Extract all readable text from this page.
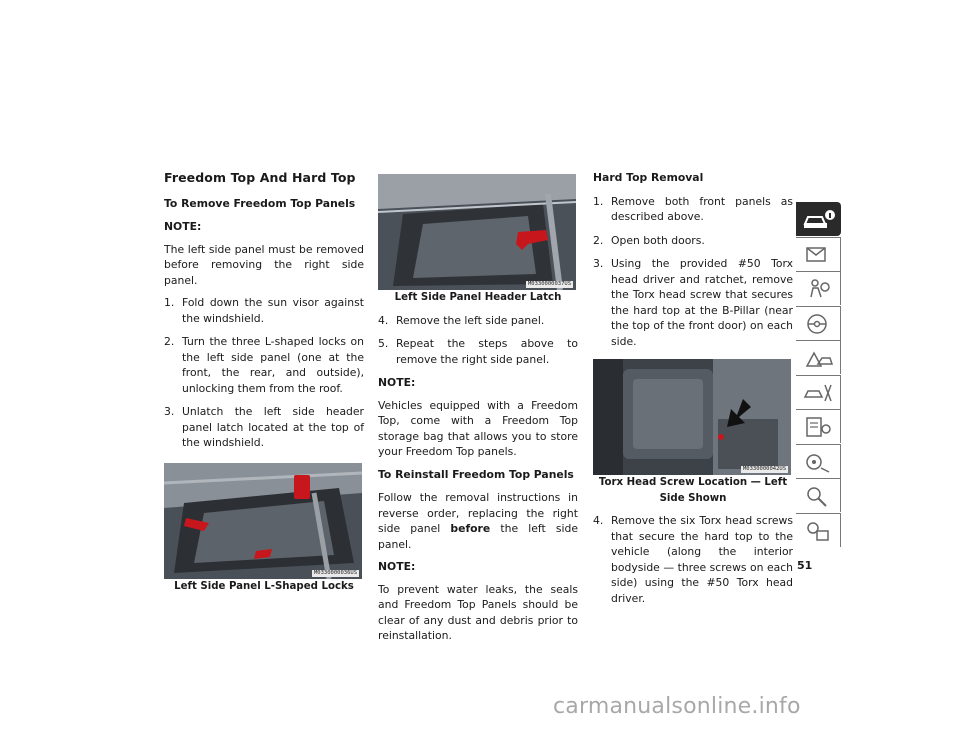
Freedom Top And Hard Top
To Remove Freedom Top Panels

NOTE:

The left side panel must be removed before removing the right side panel.

1. Fold down the sun visor against the windshield.
2. Turn the three L-shaped locks on the left side panel (one at the front, the rear, and outside), unlocking them from the roof.
3. Unlatch the left side header panel latch located at the top of the windshield.
M0330000036US

Left Side Panel L-Shaped Locks

M0330000037US

Left Side Panel Header Latch

4. Remove the left side panel.
5. Repeat the steps above to remove the right side panel.

NOTE:

Vehicles equipped with a Freedom Top, come with a Freedom Top storage bag that allows you to store your Freedom Top panels.

To Reinstall Freedom Top Panels

Follow the removal instructions in reverse order, replacing the right side panel before the left side panel.

NOTE:

To prevent water leaks, the seals and Freedom Top Panels should be clear of any dust and debris prior to reinstallation.

Hard Top Removal
1. Remove both front panels as described above.
2. Open both doors.
3. Using the provided #50 Torx head driver and ratchet, remove the Torx head screw that secures the hard top at the B-Pillar (near the top of the front door) on each side.
M0330000042US

Torx Head Screw Location — Left Side Shown

4. Remove the six Torx head screws that secure the hard top to the vehicle (along the interior bodyside — three screws on each side) using the #50 Torx head driver.
51
carmanualsonline.info
